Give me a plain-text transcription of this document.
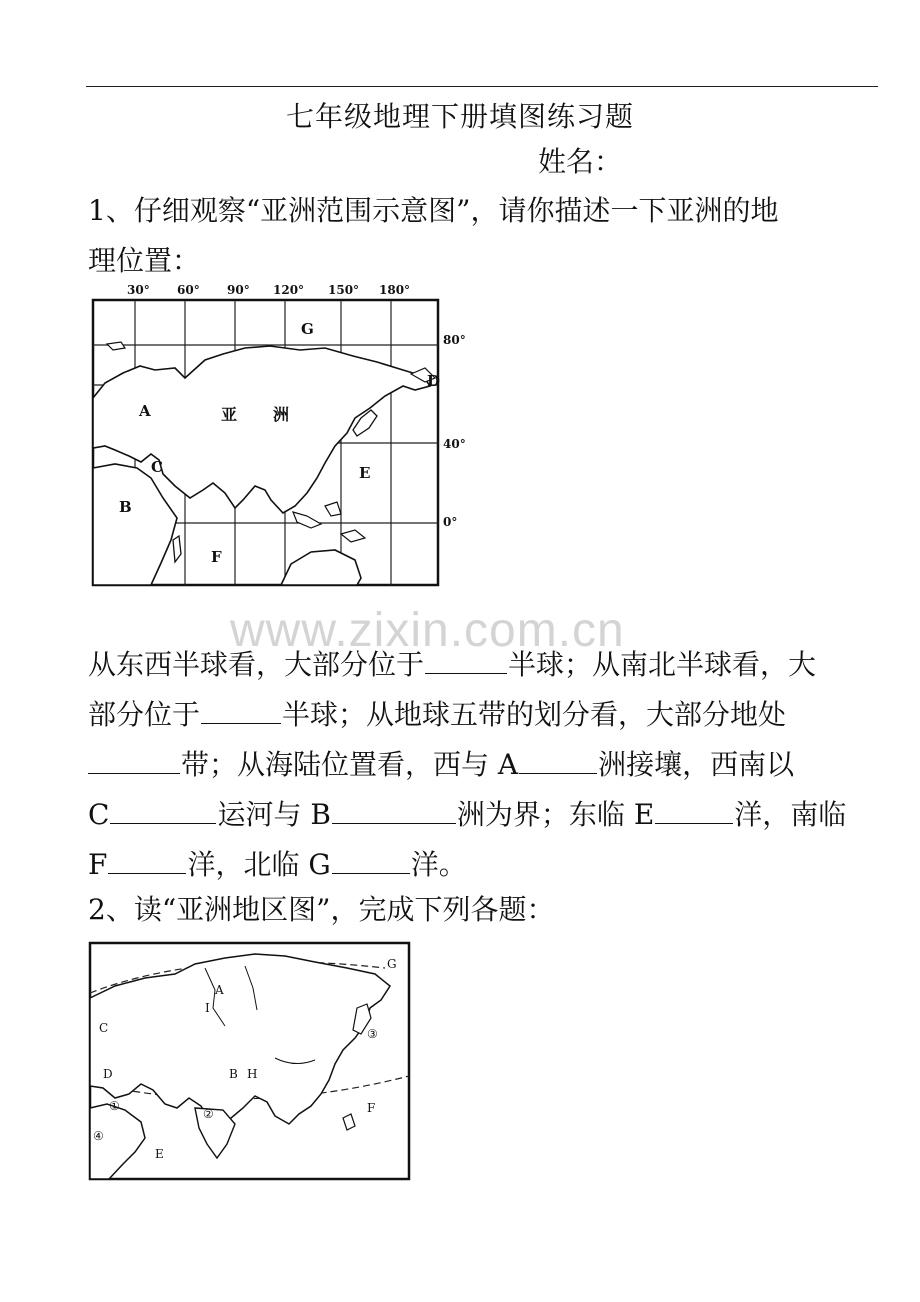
七年级地理下册填图练习题
姓名：
1、仔细观察“亚洲范围示意图”，请你描述一下亚洲的地
理位置：
30° 60° 90° 120° 150° 180°
80°
40°
0°
A
B
C
D
E
F
G
亚 洲
www.zixin.com.cn
从东西半球看，大部分位于	半球；从南北半球看，大
部分位于	半球；从地球五带的划分看，大部分地处
带；从海陆位置看，西与 A	洲接壤，西南以
C	运河与 B	洲为界；东临 E	洋，南临
F	洋，北临 G	洋。
2、读“亚洲地区图”，完成下列各题：
A
I
C
D	B H
E
F
G
①
②
③
④
